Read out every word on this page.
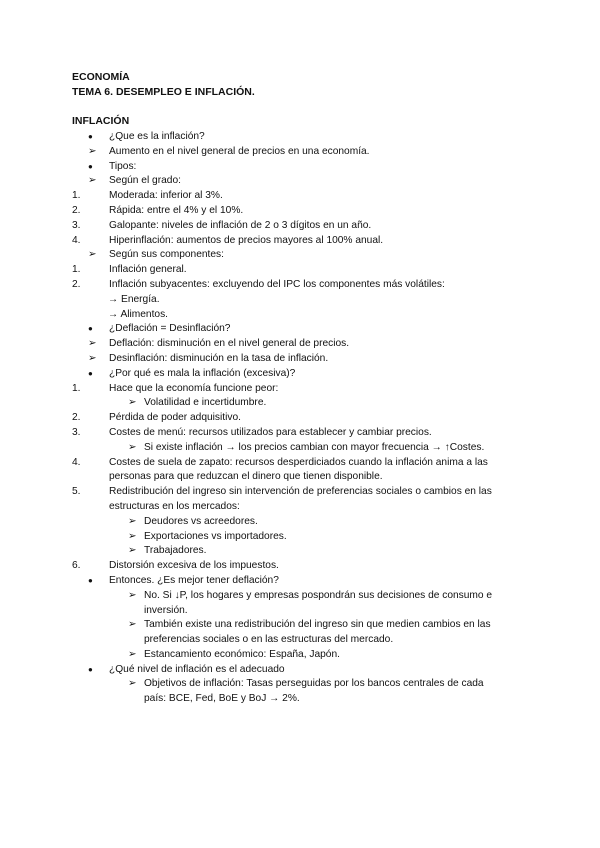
ECONOMÍA
TEMA 6. DESEMPLEO E INFLACIÓN.
INFLACIÓN
●	¿Que es la inflación?
➢	Aumento en el nivel general de precios en una economía.
●	Tipos:
➢	Según el grado:
1.	Moderada: inferior al 3%.
2.	Rápida: entre el 4% y el 10%.
3.	Galopante: niveles de inflación de 2 o 3 dígitos en un año.
4.	Hiperinflación: aumentos de precios mayores al 100% anual.
➢	Según sus componentes:
1.	Inflación general.
2.	Inflación subyacentes: excluyendo del IPC los componentes más volátiles:
→ Energía.
→ Alimentos.
●	¿Deflación = Desinflación?
➢	Deflación: disminución en el nivel general de precios.
➢	Desinflación: disminución en la tasa de inflación.
●	¿Por qué es mala la inflación (excesiva)?
1.	Hace que la economía funcione peor:
➢ Volatilidad e incertidumbre.
2.	Pérdida de poder adquisitivo.
3.	Costes de menú: recursos utilizados para establecer y cambiar precios.
➢ Si existe inflación → los precios cambian con mayor frecuencia → ↑Costes.
4.	Costes de suela de zapato: recursos desperdiciados cuando la inflación anima a las
personas para que reduzcan el dinero que tienen disponible.
5.	Redistribución del ingreso sin intervención de preferencias sociales o cambios en las
estructuras en los mercados:
➢ Deudores vs acreedores.
➢ Exportaciones vs importadores.
➢ Trabajadores.
6.	Distorsión excesiva de los impuestos.
●	Entonces. ¿Es mejor tener deflación?
➢ No. Si ↓P, los hogares y empresas pospondrán sus decisiones de consumo e
inversión.
➢ También existe una redistribución del ingreso sin que medien cambios en las
preferencias sociales o en las estructuras del mercado.
➢ Estancamiento económico: España, Japón.
●	¿Qué nivel de inflación es el adecuado
➢ Objetivos de inflación: Tasas perseguidas por los bancos centrales de cada
país: BCE, Fed, BoE y BoJ → 2%.
